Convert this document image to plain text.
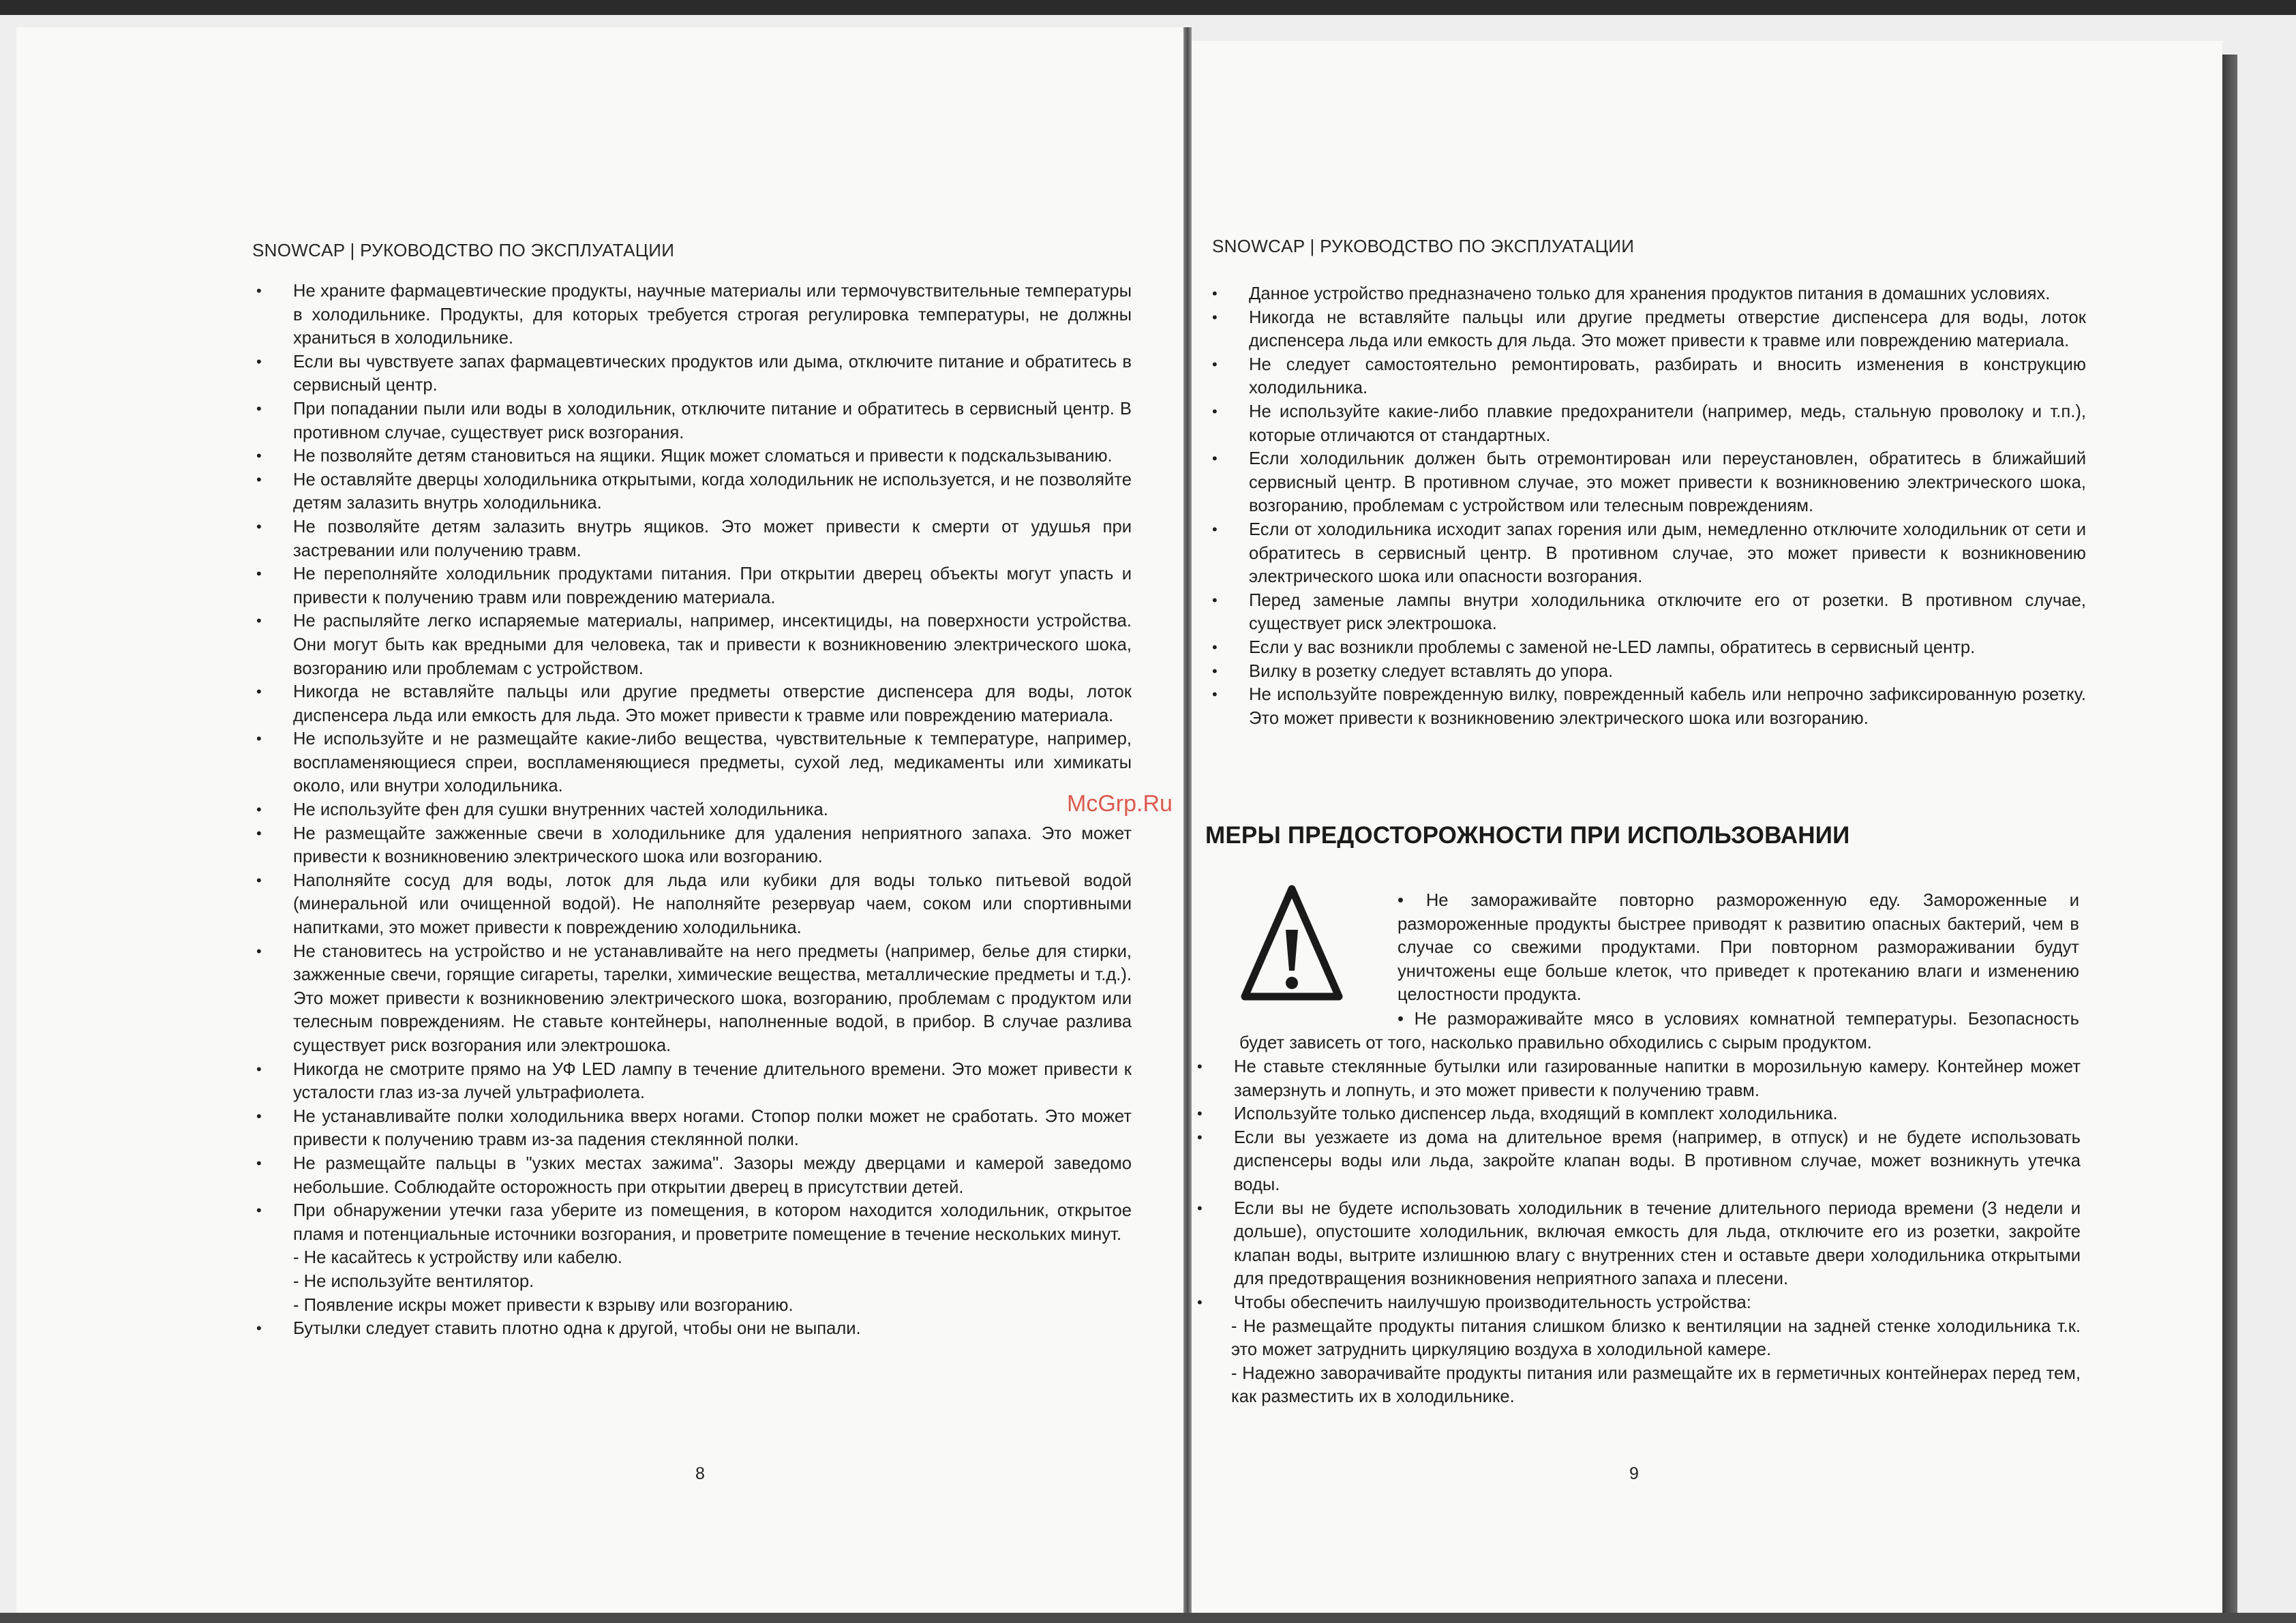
SNOWCAP | РУКОВОДСТВО ПО ЭКСПЛУАТАЦИИ
• Не храните фармацевтические продукты, научные материалы или термочувствительные температуры в холодильнике. Продукты, для которых требуется строгая регулировка температуры, не должны храниться в холодильнике.
• Если вы чувствуете запах фармацевтических продуктов или дыма, отключите питание и обратитесь в сервисный центр.
• При попадании пыли или воды в холодильник, отключите питание и обратитесь в сервисный центр. В противном случае, существует риск возгорания.
• Не позволяйте детям становиться на ящики. Ящик может сломаться и привести к подскальзыванию.
• Не оставляйте дверцы холодильника открытыми, когда холодильник не используется, и не позволяйте детям залазить внутрь холодильника.
• Не позволяйте детям залазить внутрь ящиков. Это может привести к смерти от удушья при застревании или получению травм.
• Не переполняйте холодильник продуктами питания. При открытии дверец объекты могут упасть и привести к получению травм или повреждению материала.
• Не распыляйте легко испаряемые материалы, например, инсектициды, на поверхности устройства. Они могут быть как вредными для человека, так и привести к возникновению электрического шока, возгоранию или проблемам с устройством.
• Никогда не вставляйте пальцы или другие предметы отверстие диспенсера для воды, лоток диспенсера льда или емкость для льда. Это может привести к травме или повреждению материала.
• Не используйте и не размещайте какие-либо вещества, чувствительные к температуре, например, воспламеняющиеся спреи, воспламеняющиеся предметы, сухой лед, медикаменты или химикаты около, или внутри холодильника.
• Не используйте фен для сушки внутренних частей холодильника.
• Не размещайте зажженные свечи в холодильнике для удаления неприятного запаха. Это может привести к возникновению электрического шока или возгоранию.
• Наполняйте сосуд для воды, лоток для льда или кубики для воды только питьевой водой (минеральной или очищенной водой). Не наполняйте резервуар чаем, соком или спортивными напитками, это может привести к повреждению холодильника.
• Не становитесь на устройство и не устанавливайте на него предметы (например, белье для стирки, зажженные свечи, горящие сигареты, тарелки, химические вещества, металлические предметы и т.д.). Это может привести к возникновению электрического шока, возгоранию, проблемам с продуктом или телесным повреждениям. Не ставьте контейнеры, наполненные водой, в прибор. В случае разлива существует риск возгорания или электрошока.
• Никогда не смотрите прямо на УФ LED лампу в течение длительного времени. Это может привести к усталости глаз из-за лучей ультрафиолета.
• Не устанавливайте полки холодильника вверх ногами. Стопор полки может не сработать. Это может привести к получению травм из-за падения стеклянной полки.
• Не размещайте пальцы в "узких местах зажима". Зазоры между дверцами и камерой заведомо небольшие. Соблюдайте осторожность при открытии дверец в присутствии детей.
• При обнаружении утечки газа уберите из помещения, в котором находится холодильник, открытое пламя и потенциальные источники возгорания, и проветрите помещение в течение нескольких минут.
- Не касайтесь к устройству или кабелю.
- Не используйте вентилятор.
- Появление искры может привести к взрыву или возгоранию.
• Бутылки следует ставить плотно одна к другой, чтобы они не выпали.
8
SNOWCAP | РУКОВОДСТВО ПО ЭКСПЛУАТАЦИИ
• Данное устройство предназначено только для хранения продуктов питания в домашних условиях.
• Никогда не вставляйте пальцы или другие предметы отверстие диспенсера для воды, лоток диспенсера льда или емкость для льда. Это может привести к травме или повреждению материала.
• Не следует самостоятельно ремонтировать, разбирать и вносить изменения в конструкцию холодильника.
• Не используйте какие-либо плавкие предохранители (например, медь, стальную проволоку и т.п.), которые отличаются от стандартных.
• Если холодильник должен быть отремонтирован или переустановлен, обратитесь в ближайший сервисный центр. В противном случае, это может привести к возникновению электрического шока, возгоранию, проблемам с устройством или телесным повреждениям.
• Если от холодильника исходит запах горения или дым, немедленно отключите холодильник от сети и обратитесь в сервисный центр. В противном случае, это может привести к возникновению электрического шока или опасности возгорания.
• Перед заменые лампы внутри холодильника отключите его от розетки. В противном случае, существует риск электрошока.
• Если у вас возникли проблемы с заменой не-LED лампы, обратитесь в сервисный центр.
• Вилку в розетку следует вставлять до упора.
• Не используйте поврежденную вилку, поврежденный кабель или непрочно зафиксированную розетку. Это может привести к возникновению электрического шока или возгоранию.
МЕРЫ ПРЕДОСТОРОЖНОСТИ ПРИ ИСПОЛЬЗОВАНИИ
• Не замораживайте повторно размороженную еду. Замороженные и размороженные продукты быстрее приводят к развитию опасных бактерий, чем в случае со свежими продуктами. При повторном размораживании будут уничтожены еще больше клеток, что приведет к протеканию влаги и изменению целостности продукта.
• Не размораживайте мясо в условиях комнатной температуры. Безопасность будет зависеть от того, насколько правильно обходились с сырым продуктом.
• Не ставьте стеклянные бутылки или газированные напитки в морозильную камеру. Контейнер может замерзнуть и лопнуть, и это может привести к получению травм.
• Используйте только диспенсер льда, входящий в комплект холодильника.
• Если вы уезжаете из дома на длительное время (например, в отпуск) и не будете использовать диспенсеры воды или льда, закройте клапан воды. В противном случае, может возникнуть утечка воды.
• Если вы не будете использовать холодильник в течение длительного периода времени (3 недели и дольше), опустошите холодильник, включая емкость для льда, отключите его из розетки, закройте клапан воды, вытрите излишнюю влагу с внутренних стен и оставьте двери холодильника открытыми для предотвращения возникновения неприятного запаха и плесени.
• Чтобы обеспечить наилучшую производительность устройства:
- Не размещайте продукты питания слишком близко к вентиляции на задней стенке холодильника т.к. это может затруднить циркуляцию воздуха в холодильной камере.
- Надежно заворачивайте продукты питания или размещайте их в герметичных контейнерах перед тем, как разместить их в холодильнике.
9
McGrp.Ru
